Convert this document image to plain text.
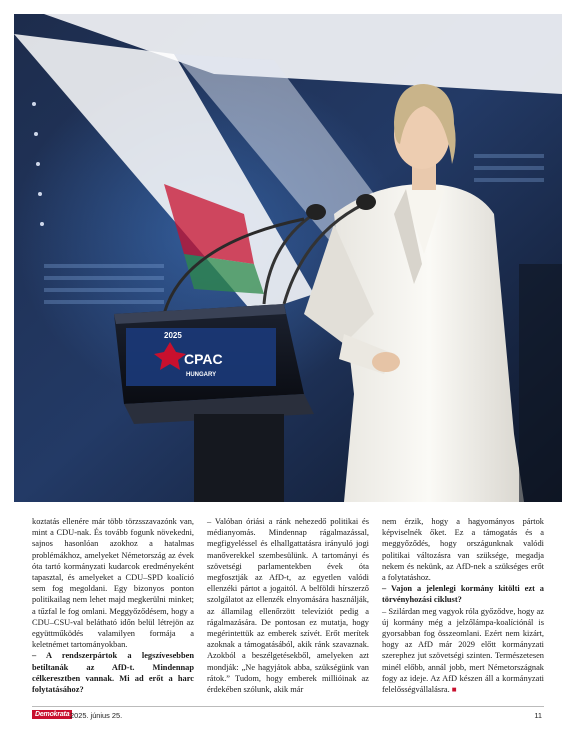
2025
CPAC
HUNGARY

koztatás ellenére már több törzsszavazónk van, mint a CDU-nak. És tovább fogunk növekedni, sajnos hasonlóan azokhoz a hatalmas problémákhoz, amelyeket Németország az évek óta tartó kormányzati kudarcok eredményeként tapasztal, és amelyeket a CDU–SPD koalíció sem fog megoldani. Egy bizonyos ponton politikailag nem lehet majd megkerülni minket; a tűzfal le fog omlani. Meggyőződésem, hogy a CDU–CSU-val belátható időn belül létrejön az együttműködés valamilyen formája a keletnémet tartományokban.

– A rendszerpártok a legszívesebben betiltanák az AfD-t. Mindennap célkeresztben vannak. Mi ad erőt a harc folytatásához?

– Valóban óriási a ránk nehezedő politikai és médianyomás. Mindennap rágalmazással, megfigyeléssel és elhallgattatásra irányuló jogi manőverekkel szembesülünk. A tartományi és szövetségi parlamentekben évek óta megfosztják az AfD-t, az egyetlen valódi ellenzéki pártot a jogaitól. A belföldi hírszerző szolgálatot az ellenzék elnyomására használják, az államilag ellenőrzött televíziót pedig a rágalmazására. De pontosan ez mutatja, hogy megérintettük az emberek szívét. Erőt merítek azoknak a támogatásából, akik ránk szavaznak. Azokból a beszélgetésekből, amelyeken azt mondják: „Ne hagyjátok abba, szükségünk van rátok.” Tudom, hogy emberek millióinak az érdekében szólunk, akik már

nem érzik, hogy a hagyományos pártok képviselnék őket. Ez a támogatás és a meggyőződés, hogy országunknak valódi politikai változásra van szüksége, megadja nekem és nekünk, az AfD-nek a szükséges erőt a folytatáshoz.

– Vajon a jelenlegi kormány kitölti ezt a törvényhozási ciklust?

– Szilárdan meg vagyok róla győződve, hogy az új kormány még a jelzőlámpa-koalíciónál is gyorsabban fog összeomlani. Ezért nem kizárt, hogy az AfD már 2029 előtt kormányzati szerephez jut szövetségi szinten. Természetesen minél előbb, annál jobb, mert Németországnak fogy az ideje. Az AfD készen áll a kormányzati felelősségvállalásra. ■

Demokrata 2025. június 25.	11
